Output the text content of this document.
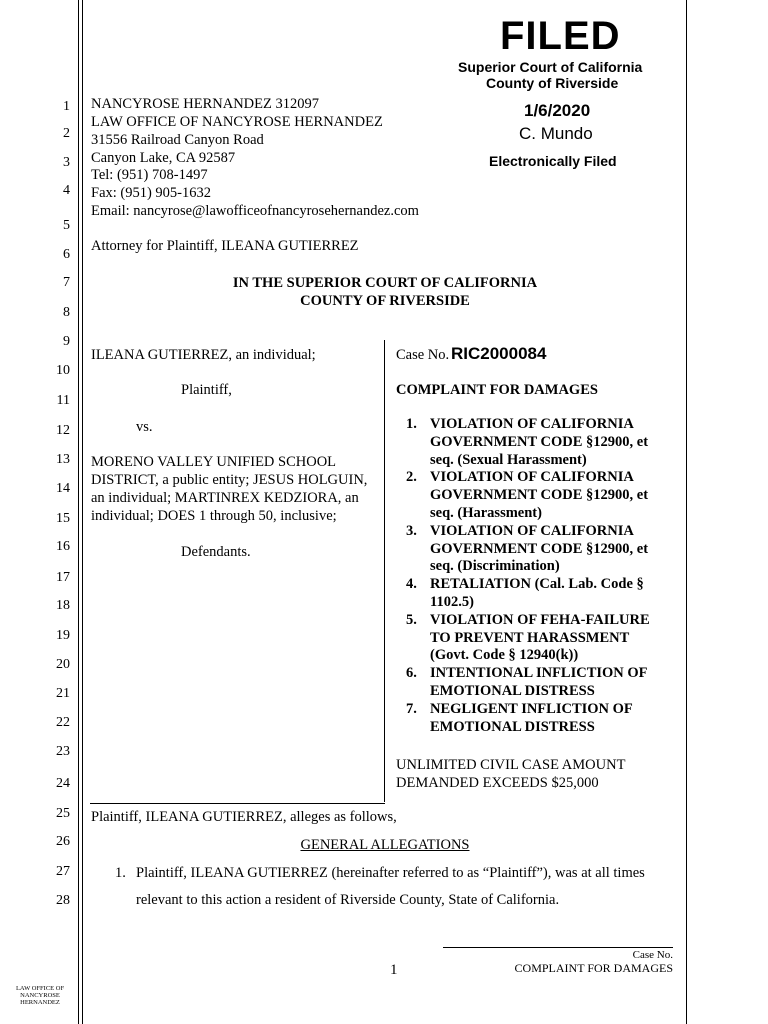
1
2
3
4
5
6
7
8
9
10
11
12
13
14
15
16
17
18
19
20
21
22
23
24
25
26
27
28
FILED
Superior Court of California
County of Riverside
1/6/2020
C. Mundo
Electronically Filed
NANCYROSE HERNANDEZ 312097
LAW OFFICE OF NANCYROSE HERNANDEZ
31556 Railroad Canyon Road
Canyon Lake, CA 92587
Tel: (951) 708-1497
Fax: (951) 905-1632
Email: nancyrose@lawofficeofnancyrosehernandez.com
Attorney for Plaintiff, ILEANA GUTIERREZ
IN THE SUPERIOR COURT OF CALIFORNIA
COUNTY OF RIVERSIDE
ILEANA GUTIERREZ, an individual;
Plaintiff,
vs.
MORENO VALLEY UNIFIED SCHOOL
DISTRICT, a public entity; JESUS HOLGUIN,
an individual; MARTINREX KEDZIORA, an
individual; DOES 1 through 50, inclusive;
Defendants.
Case No. RIC2000084
COMPLAINT FOR DAMAGES
1. VIOLATION OF CALIFORNIA
GOVERNMENT CODE §12900, et
seq. (Sexual Harassment)
2. VIOLATION OF CALIFORNIA
GOVERNMENT CODE §12900, et
seq. (Harassment)
3. VIOLATION OF CALIFORNIA
GOVERNMENT CODE §12900, et
seq. (Discrimination)
4. RETALIATION (Cal. Lab. Code §
1102.5)
5. VIOLATION OF FEHA-FAILURE
TO PREVENT HARASSMENT
(Govt. Code § 12940(k))
6. INTENTIONAL INFLICTION OF
EMOTIONAL DISTRESS
7. NEGLIGENT INFLICTION OF
EMOTIONAL DISTRESS
UNLIMITED CIVIL CASE AMOUNT
DEMANDED EXCEEDS $25,000
Plaintiff, ILEANA GUTIERREZ, alleges as follows,
GENERAL ALLEGATIONS
1. Plaintiff, ILEANA GUTIERREZ (hereinafter referred to as “Plaintiff”), was at all times
relevant to this action a resident of Riverside County, State of California.
1
Case No.
COMPLAINT FOR DAMAGES
LAW OFFICE OF
NANCYROSE
HERNANDEZ
